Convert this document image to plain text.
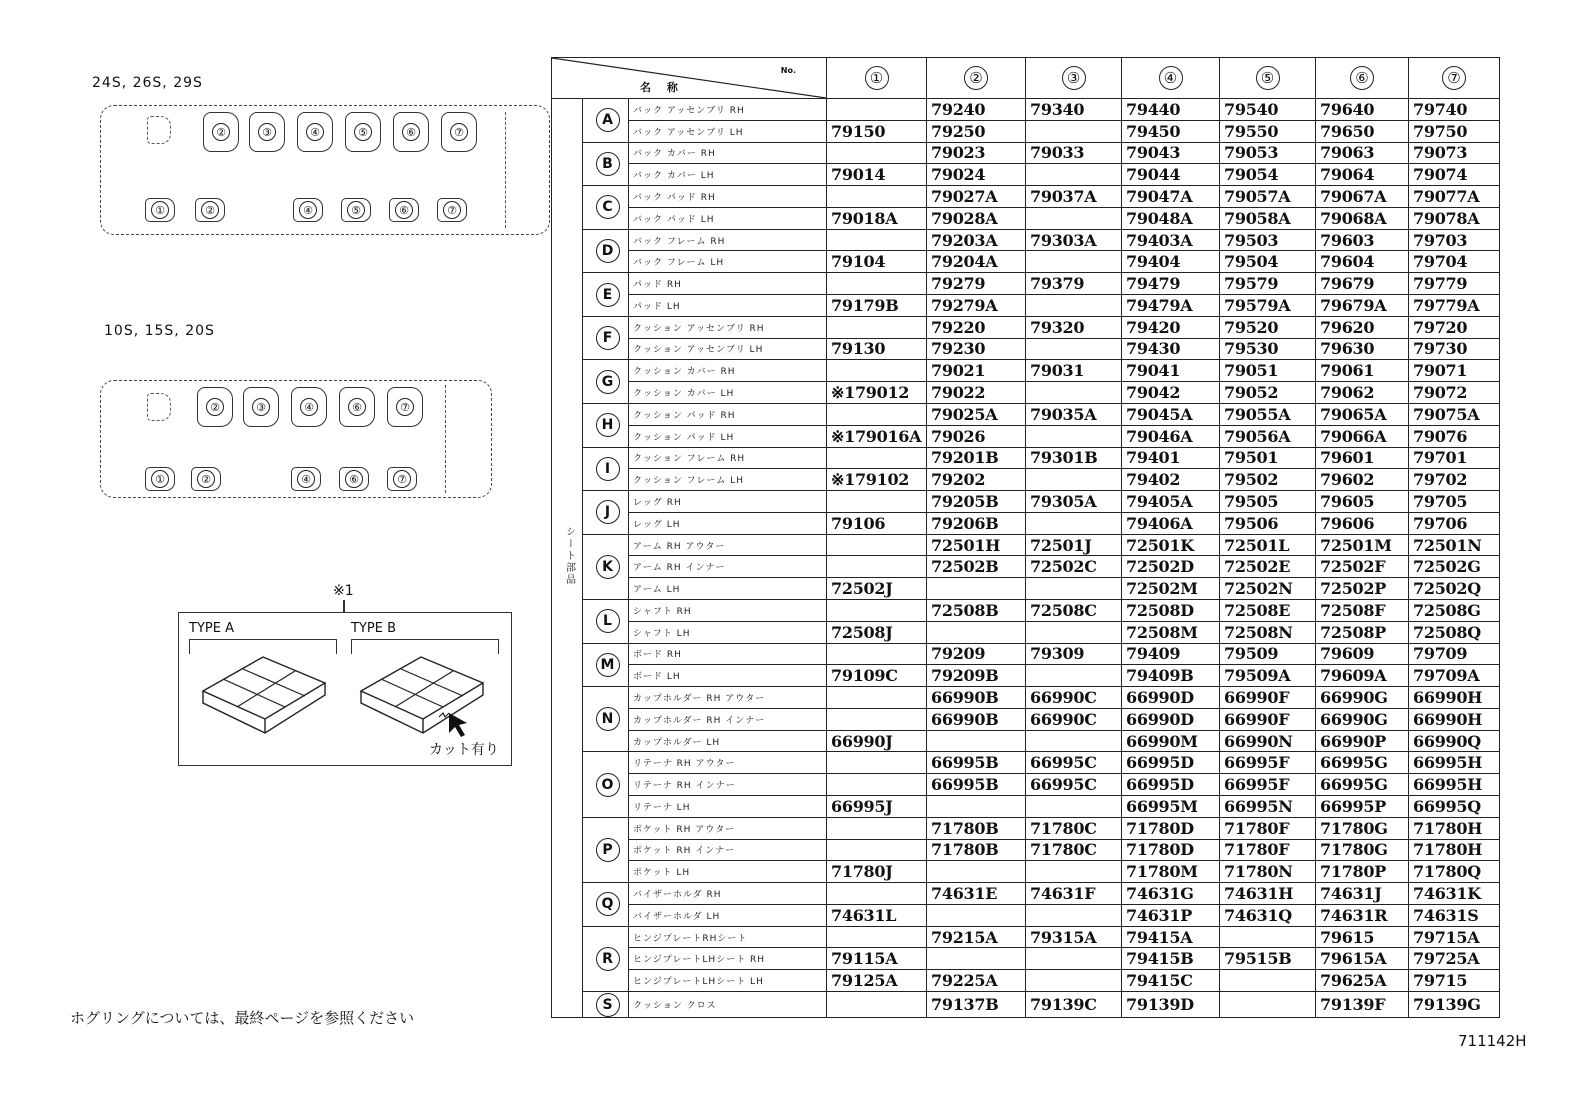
24S, 26S, 29S
②	③	④	⑤	⑥	⑦
①	②	④	⑤	⑥	⑦
10S, 15S, 20S
②	③	④	⑥	⑦
①	②	④	⑥	⑦
※1
TYPE A	TYPE B
カット有り
ホグリングについては、最終ページを参照ください
711142H
名 称
No.			①	②	③	④	⑤	⑥	⑦
シート部品	A	バック アッセンブリ RH		79240	79340	79440	79540	79640	79740
		バック アッセンブリ LH	79150	79250		79450	79550	79650	79750
	B	バック カバー RH		79023	79033	79043	79053	79063	79073
		バック カバー LH	79014	79024		79044	79054	79064	79074
	C	バック パッド RH		79027A	79037A	79047A	79057A	79067A	79077A
		バック パッド LH	79018A	79028A		79048A	79058A	79068A	79078A
	D	バック フレーム RH		79203A	79303A	79403A	79503	79603	79703
		バック フレーム LH	79104	79204A		79404	79504	79604	79704
	E	パッド RH		79279	79379	79479	79579	79679	79779
		パッド LH	79179B	79279A		79479A	79579A	79679A	79779A
	F	クッション アッセンブリ RH		79220	79320	79420	79520	79620	79720
		クッション アッセンブリ LH	79130	79230		79430	79530	79630	79730
	G	クッション カバー RH		79021	79031	79041	79051	79061	79071
		クッション カバー LH	※179012	79022		79042	79052	79062	79072
	H	クッション パッド RH		79025A	79035A	79045A	79055A	79065A	79075A
		クッション パッド LH	※179016A	79026		79046A	79056A	79066A	79076
	I	クッション フレーム RH		79201B	79301B	79401	79501	79601	79701
		クッション フレーム LH	※179102	79202		79402	79502	79602	79702
	J	レッグ RH		79205B	79305A	79405A	79505	79605	79705
		レッグ LH	79106	79206B		79406A	79506	79606	79706
	K	アーム RH アウター		72501H	72501J	72501K	72501L	72501M	72501N
		アーム RH インナー		72502B	72502C	72502D	72502E	72502F	72502G
		アーム LH	72502J			72502M	72502N	72502P	72502Q
	L	シャフト RH		72508B	72508C	72508D	72508E	72508F	72508G
		シャフト LH	72508J			72508M	72508N	72508P	72508Q
	M	ボード RH		79209	79309	79409	79509	79609	79709
		ボード LH	79109C	79209B		79409B	79509A	79609A	79709A
	N	カップホルダー RH アウター		66990B	66990C	66990D	66990F	66990G	66990H
		カップホルダー RH インナー		66990B	66990C	66990D	66990F	66990G	66990H
		カップホルダー LH	66990J			66990M	66990N	66990P	66990Q
	O	リテーナ RH アウター		66995B	66995C	66995D	66995F	66995G	66995H
		リテーナ RH インナー		66995B	66995C	66995D	66995F	66995G	66995H
		リテーナ LH	66995J			66995M	66995N	66995P	66995Q
	P	ポケット RH アウター		71780B	71780C	71780D	71780F	71780G	71780H
		ポケット RH インナー		71780B	71780C	71780D	71780F	71780G	71780H
		ポケット LH	71780J			71780M	71780N	71780P	71780Q
	Q	バイザーホルダ RH		74631E	74631F	74631G	74631H	74631J	74631K
		バイザーホルダ LH	74631L			74631P	74631Q	74631R	74631S
	R	ヒンジプレートRHシート		79215A	79315A	79415A		79615	79715A
		ヒンジプレートLHシート RH	79115A			79415B	79515B	79615A	79725A
		ヒンジプレートLHシート LH	79125A	79225A		79415C		79625A	79715
	S	クッション クロス		79137B	79139C	79139D		79139F	79139G
